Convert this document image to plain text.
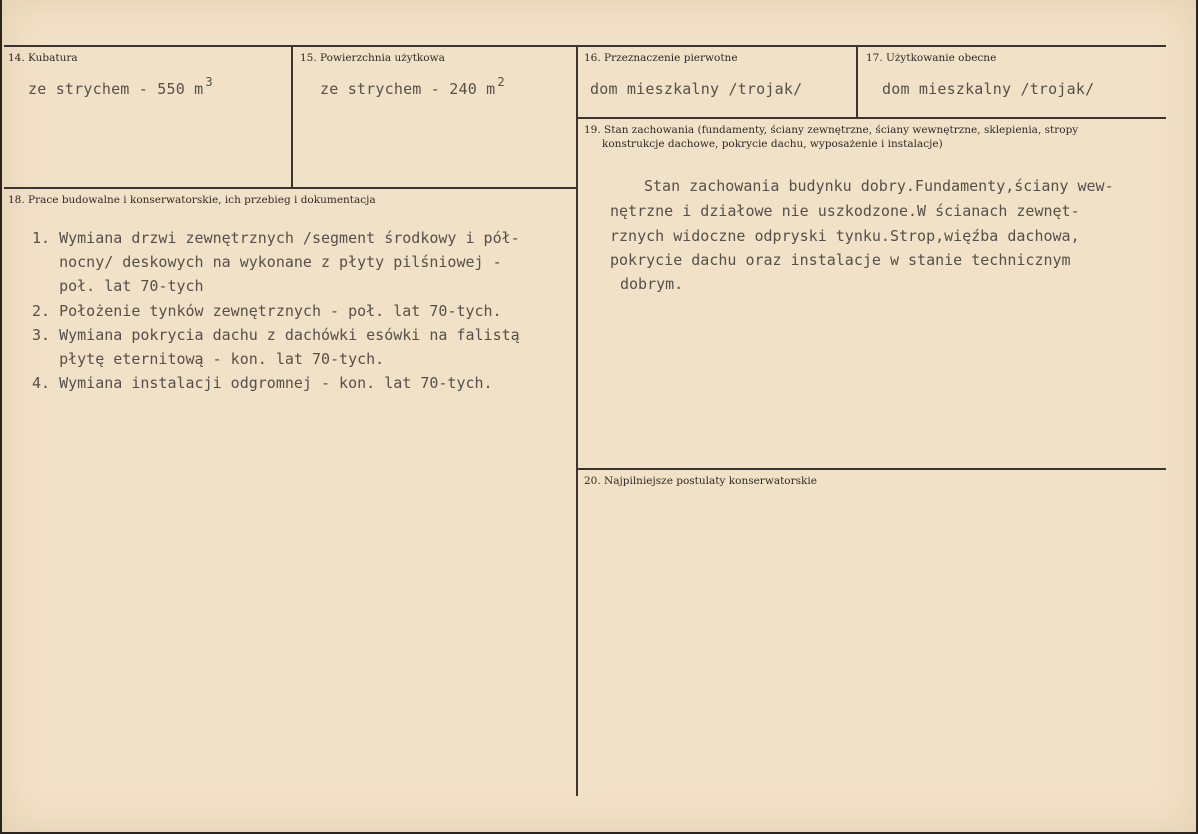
14. Kubatura
ze strychem - 550 m $^3$
15. Powierzchnia użytkowa
ze strychem - 240 m $^2$
16. Przeznaczenie pierwotne
dom mieszkalny /trojak/
17. Użytkowanie obecne
dom mieszkalny /trojak/
19. Stan zachowania (fundamenty, ściany zewnętrzne, ściany wewnętrzne, sklepienia, stropy
konstrukcje dachowe, pokrycie dachu, wyposażenie i instalacje)
Stan zachowania budynku dobry.Fundamenty,ściany wew-
nętrzne i działowe nie uszkodzone.W ścianach zewnęt-
rznych widoczne odpryski tynku.Strop,więźba dachowa,
pokrycie dachu oraz instalacje w stanie technicznym
dobrym.
18. Prace budowalne i konserwatorskie, ich przebieg i dokumentacja
1. Wymiana drzwi zewnętrznych /segment środkowy i pół-
nocny/ deskowych na wykonane z płyty pilśniowej -
poł. lat 70-tych
2. Położenie tynków zewnętrznych - poł. lat 70-tych.
3. Wymiana pokrycia dachu z dachówki esówki na falistą
płytę eternitową - kon. lat 70-tych.
4. Wymiana instalacji odgromnej - kon. lat 70-tych.
20. Najpilniejsze postulaty konserwatorskie
